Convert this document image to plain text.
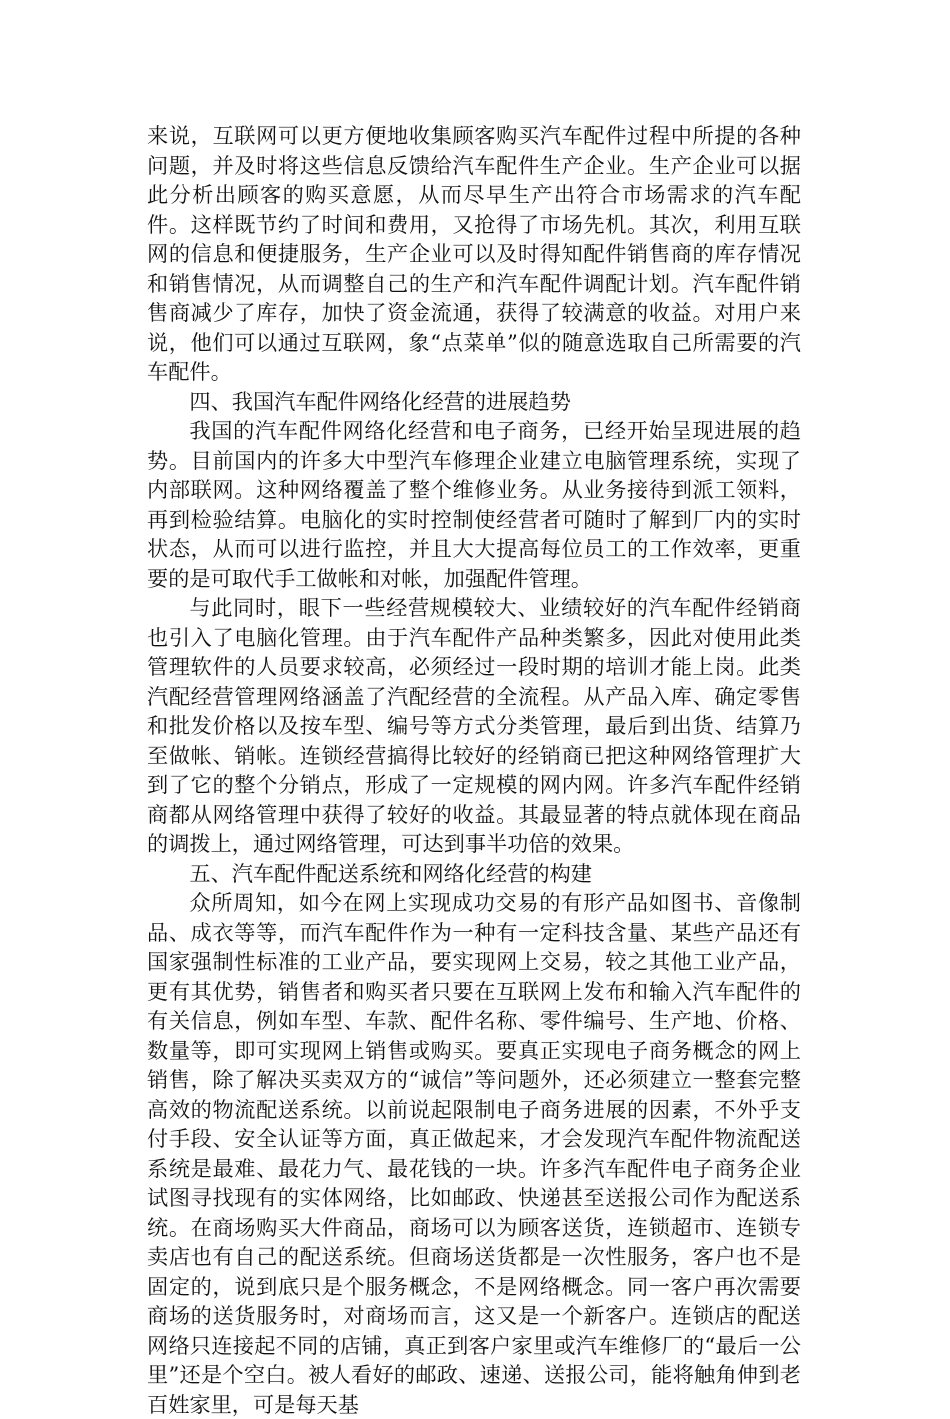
来说，互联网可以更方便地收集顾客购买汽车配件过程中所提的各种问题，并及时将这些信息反馈给汽车配件生产企业。生产企业可以据此分析出顾客的购买意愿，从而尽早生产出符合市场需求的汽车配件。这样既节约了时间和费用，又抢得了市场先机。其次，利用互联网的信息和便捷服务，生产企业可以及时得知配件销售商的库存情况和销售情况，从而调整自己的生产和汽车配件调配计划。汽车配件销售商减少了库存，加快了资金流通，获得了较满意的收益。对用户来说，他们可以通过互联网，象“点菜单”似的随意选取自己所需要的汽车配件。

四、我国汽车配件网络化经营的进展趋势

我国的汽车配件网络化经营和电子商务，已经开始呈现进展的趋势。目前国内的许多大中型汽车修理企业建立电脑管理系统，实现了内部联网。这种网络覆盖了整个维修业务。从业务接待到派工领料，再到检验结算。电脑化的实时控制使经营者可随时了解到厂内的实时状态，从而可以进行监控，并且大大提高每位员工的工作效率，更重要的是可取代手工做帐和对帐，加强配件管理。

与此同时，眼下一些经营规模较大、业绩较好的汽车配件经销商也引入了电脑化管理。由于汽车配件产品种类繁多，因此对使用此类管理软件的人员要求较高，必须经过一段时期的培训才能上岗。此类汽配经营管理网络涵盖了汽配经营的全流程。从产品入库、确定零售和批发价格以及按车型、编号等方式分类管理，最后到出货、结算乃至做帐、销帐。连锁经营搞得比较好的经销商已把这种网络管理扩大到了它的整个分销点，形成了一定规模的网内网。许多汽车配件经销商都从网络管理中获得了较好的收益。其最显著的特点就体现在商品的调拨上，通过网络管理，可达到事半功倍的效果。

五、汽车配件配送系统和网络化经营的构建

众所周知，如今在网上实现成功交易的有形产品如图书、音像制品、成衣等等，而汽车配件作为一种有一定科技含量、某些产品还有国家强制性标准的工业产品，要实现网上交易，较之其他工业产品，更有其优势，销售者和购买者只要在互联网上发布和输入汽车配件的有关信息，例如车型、车款、配件名称、零件编号、生产地、价格、数量等，即可实现网上销售或购买。要真正实现电子商务概念的网上销售，除了解决买卖双方的“诚信”等问题外，还必须建立一整套完整高效的物流配送系统。以前说起限制电子商务进展的因素，不外乎支付手段、安全认证等方面，真正做起来，才会发现汽车配件物流配送系统是最难、最花力气、最花钱的一块。许多汽车配件电子商务企业试图寻找现有的实体网络，比如邮政、快递甚至送报公司作为配送系统。在商场购买大件商品，商场可以为顾客送货，连锁超市、连锁专卖店也有自己的配送系统。但商场送货都是一次性服务，客户也不是固定的，说到底只是个服务概念，不是网络概念。同一客户再次需要商场的送货服务时，对商场而言，这又是一个新客户。连锁店的配送网络只连接起不同的店铺，真正到客户家里或汽车维修厂的“最后一公里”还是个空白。被人看好的邮政、速递、送报公司，能将触角伸到老百姓家里，可是每天基
